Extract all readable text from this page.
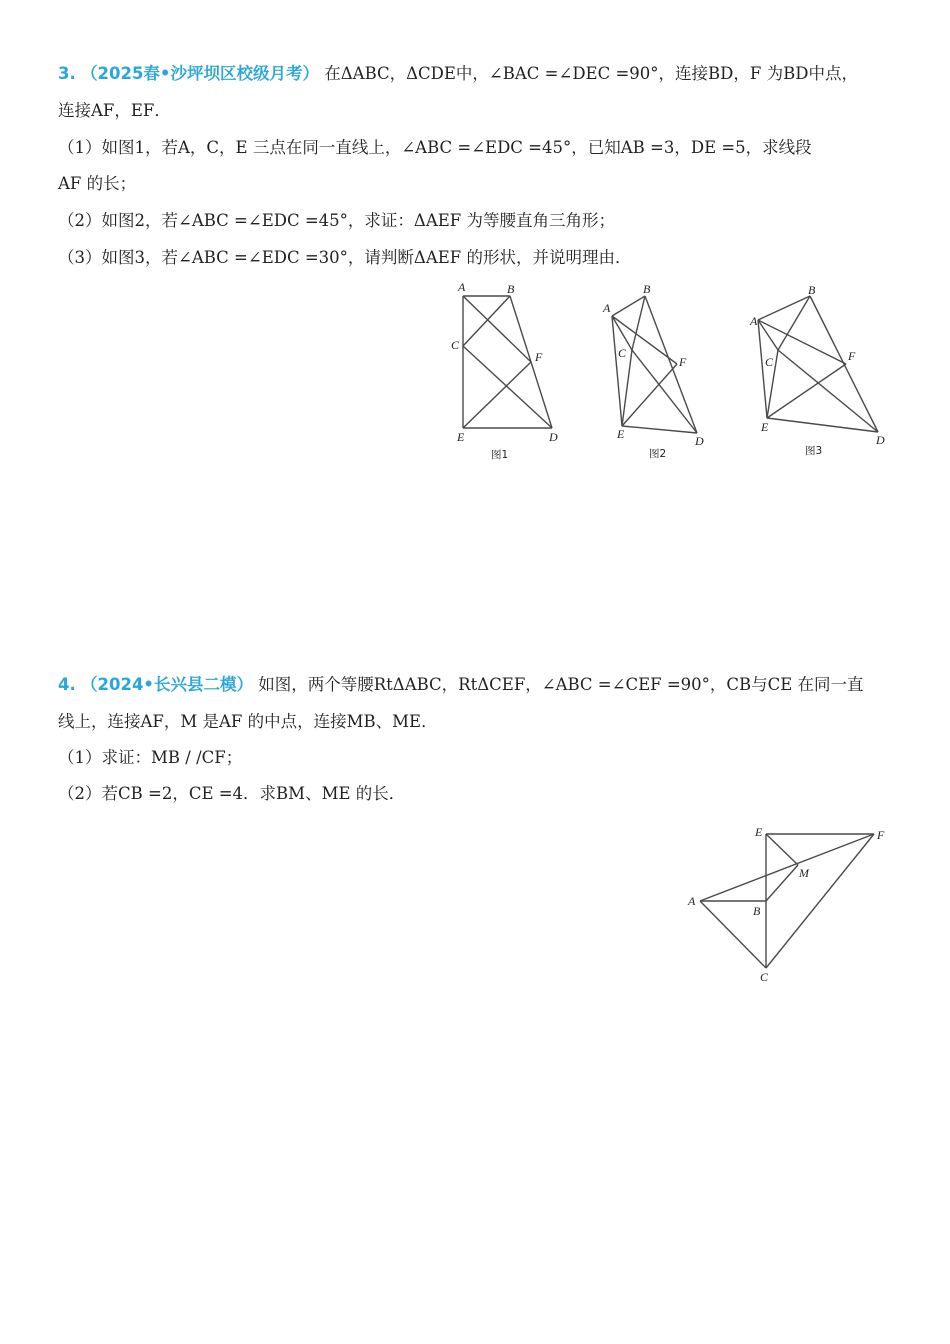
3. （2025春•沙坪坝区校级月考） 在ΔABC，ΔCDE中，∠BAC =∠DEC =90°，连接BD，F 为BD中点，
连接AF，EF．
（1）如图1，若A，C，E 三点在同一直线上，∠ABC =∠EDC =45°，已知AB =3，DE =5，求线段
AF 的长；
（2）如图2，若∠ABC =∠EDC =45°，求证：ΔAEF 为等腰直角三角形；
（3）如图3，若∠ABC =∠EDC =30°，请判断ΔAEF 的形状，并说明理由．
A	B
C
F
E	D
图1
A
B
C
F
E	D
图2
A
B
C	F
E
D
图3
4. （2024•长兴县二模） 如图，两个等腰RtΔABC，RtΔCEF，∠ABC =∠CEF =90°，CB与CE 在同一直
线上，连接AF，M 是AF 的中点，连接MB、ME．
（1）求证：MB / /CF；
（2）若CB =2，CE =4．求BM、ME 的长．
E	F
M
A
B
C
